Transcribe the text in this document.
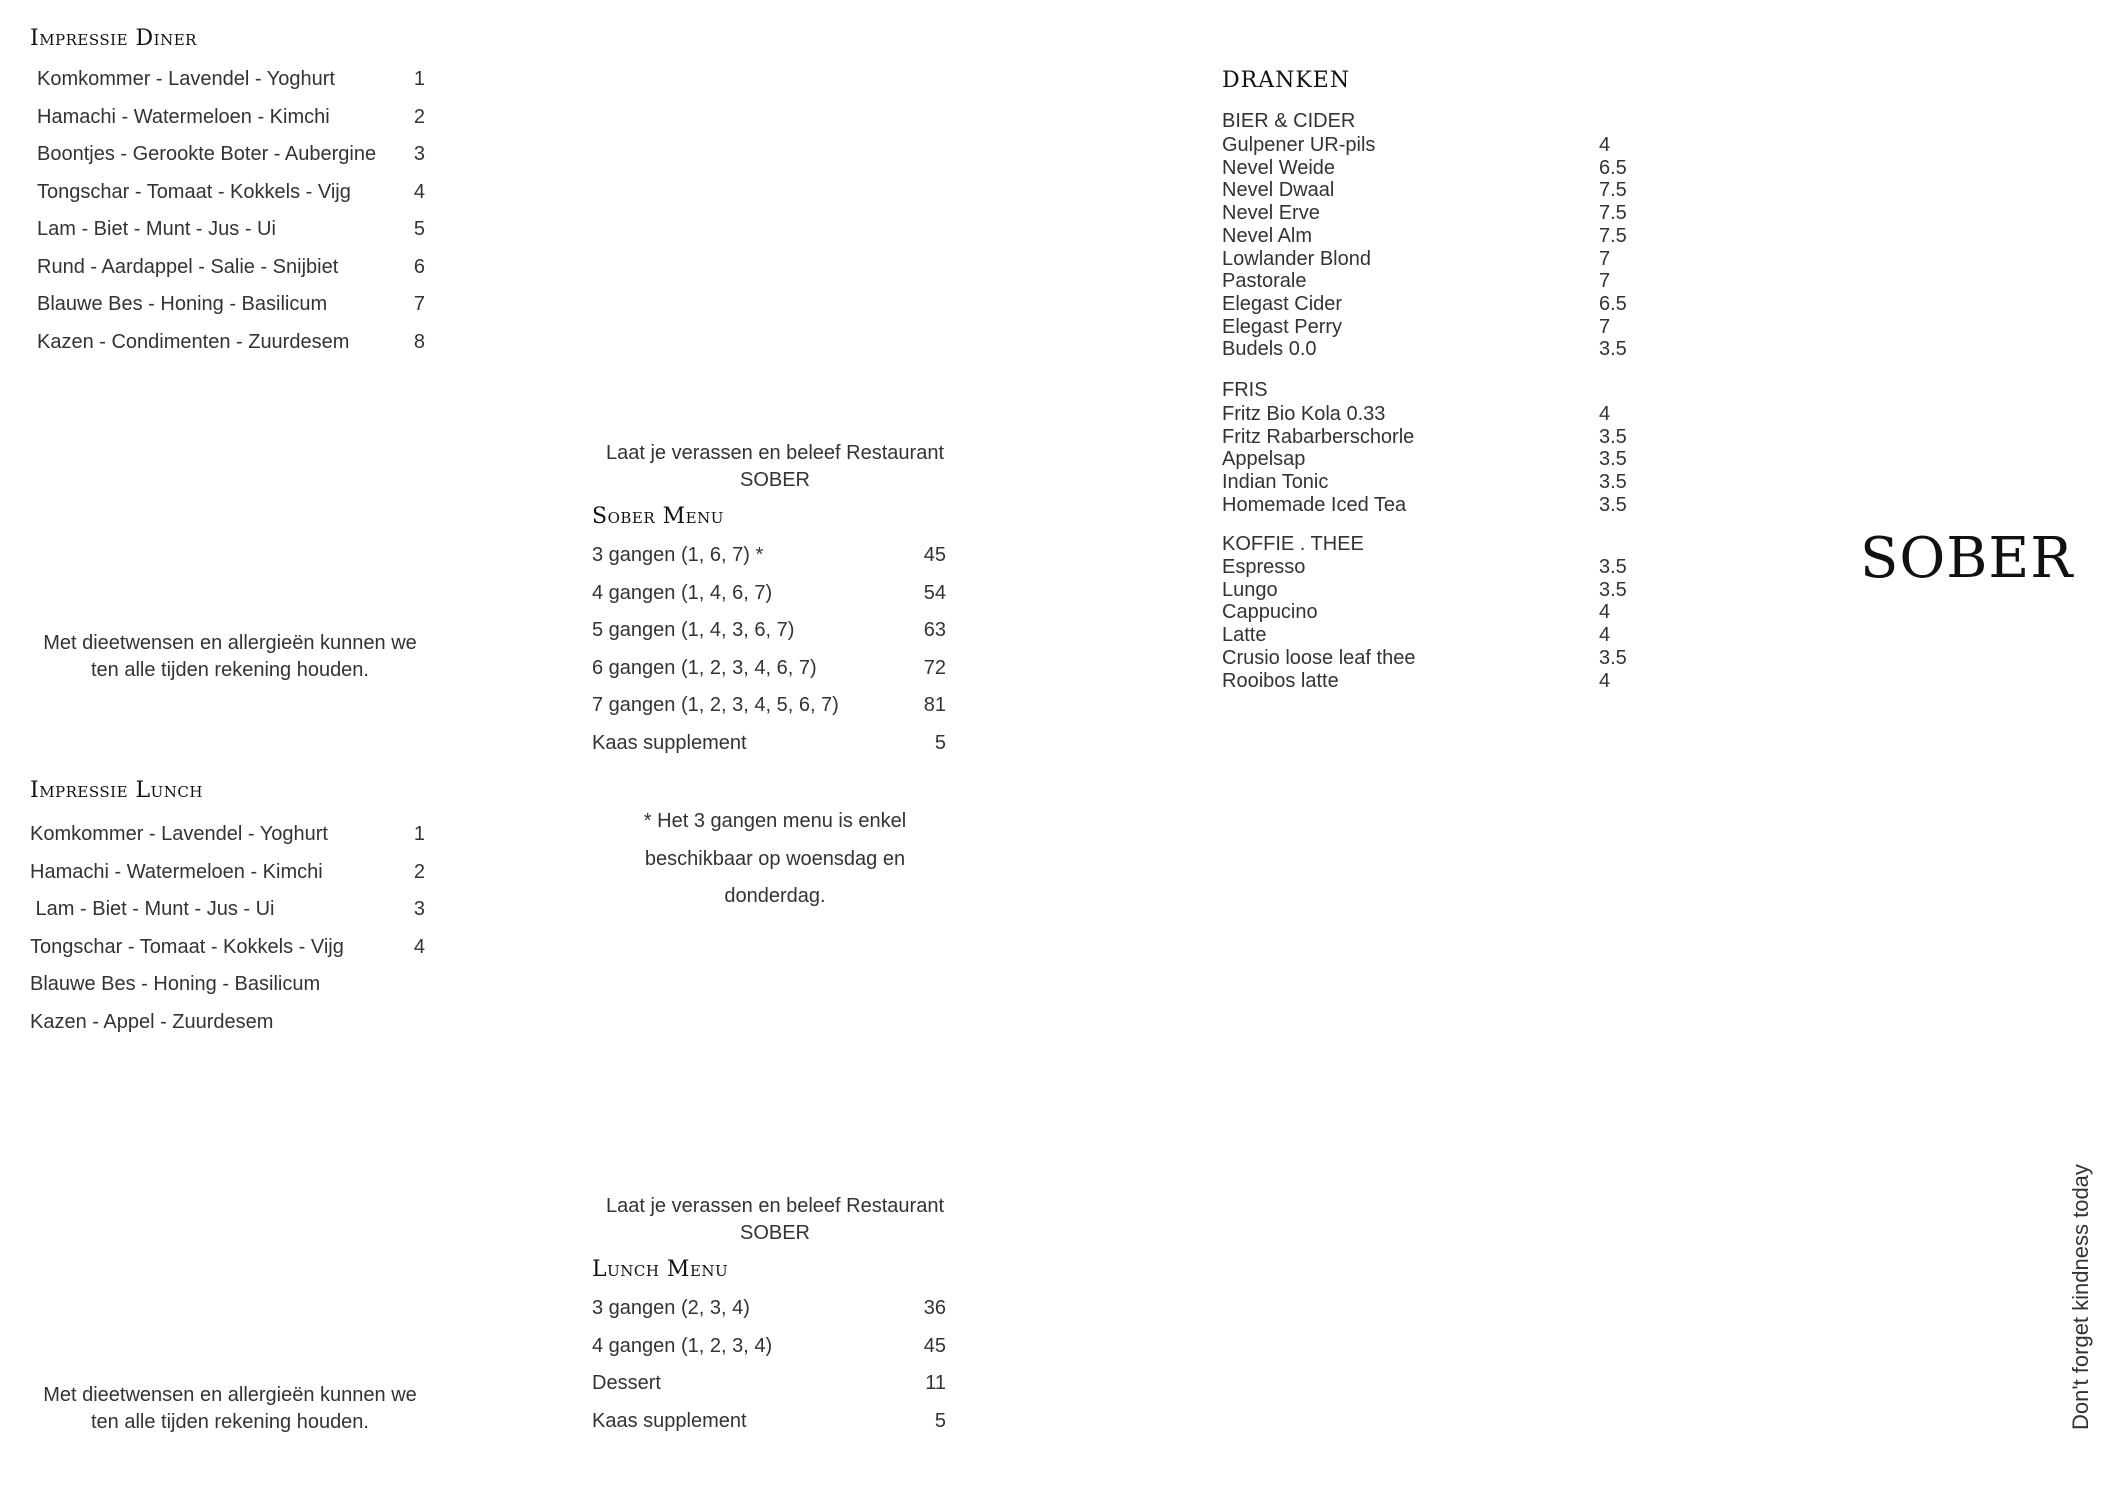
Impressie Diner
Komkommer - Lavendel - Yoghurt	1
Hamachi - Watermeloen - Kimchi	2
Boontjes - Gerookte Boter - Aubergine 3
Tongschar - Tomaat - Kokkels - Vijg	4
Lam - Biet - Munt - Jus - Ui	5
Rund - Aardappel - Salie - Snijbiet	6
Blauwe Bes - Honing - Basilicum	7
Kazen - Condimenten - Zuurdesem	8
Met dieetwensen en allergieën kunnen we
ten alle tijden rekening houden.
Laat je verassen en beleef Restaurant
SOBER
Sober Menu
3 gangen (1, 6, 7) *	45
4 gangen (1, 4, 6, 7)	54
5 gangen (1, 4, 3, 6, 7)	63
6 gangen (1, 2, 3, 4, 6, 7)	72
7 gangen (1, 2, 3, 4, 5, 6, 7)	81
Kaas supplement	5
* Het 3 gangen menu is enkel
beschikbaar op woensdag en
donderdag.
Impressie Lunch
Komkommer - Lavendel - Yoghurt	1
Hamachi - Watermeloen - Kimchi	2
Lam - Biet - Munt - Jus - Ui	3
Tongschar - Tomaat - Kokkels - Vijg	4
Blauwe Bes - Honing - Basilicum
Kazen - Appel - Zuurdesem
Met dieetwensen en allergieën kunnen we
ten alle tijden rekening houden.
Laat je verassen en beleef Restaurant
SOBER
Lunch Menu
3 gangen (2, 3, 4)	36
4 gangen (1, 2, 3, 4)	45
Dessert	11
Kaas supplement	5
DRANKEN
BIER & CIDER
Gulpener UR-pils	4
Nevel Weide	6.5
Nevel Dwaal	7.5
Nevel Erve	7.5
Nevel Alm	7.5
Lowlander Blond	7
Pastorale	7
Elegast Cider	6.5
Elegast Perry	7
Budels 0.0	3.5
FRIS
Fritz Bio Kola 0.33	4
Fritz Rabarberschorle	3.5
Appelsap	3.5
Indian Tonic	3.5
Homemade Iced Tea	3.5
KOFFIE . THEE
Espresso	3.5
Lungo	3.5
Cappucino	4
Latte	4
Crusio loose leaf thee	3.5
Rooibos latte	4
SOBER
Don't forget kindness today
